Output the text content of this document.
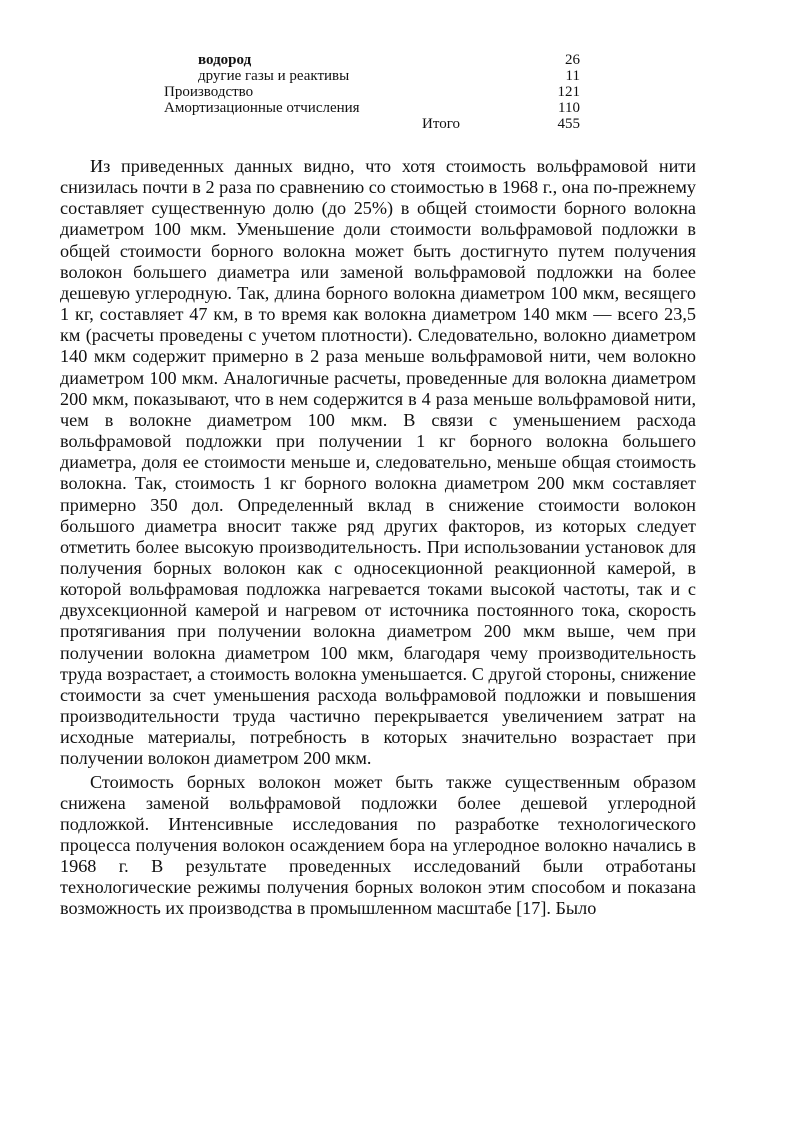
водород	26
другие газы и реактивы	11
Производство	121
Амортизационные отчисления	110
Итого	455

Из приведенных данных видно, что хотя стоимость вольфрамовой нити снизилась почти в 2 раза по сравнению со стоимостью в 1968 г., она по-прежнему составляет существенную долю (до 25%) в общей стоимости борного волокна диаметром 100 мкм. Уменьшение доли стоимости вольфрамовой подложки в общей стоимости борного волокна может быть достигнуто путем получения волокон большего диаметра или заменой вольфрамовой подложки на более дешевую углеродную. Так, длина борного волокна диаметром 100 мкм, весящего 1 кг, составляет 47 км, в то время как волокна диаметром 140 мкм — всего 23,5 км (расчеты проведены с учетом плотности). Следовательно, волокно диаметром 140 мкм содержит примерно в 2 раза меньше вольфрамовой нити, чем волокно диаметром 100 мкм. Аналогичные расчеты, проведенные для волокна диаметром 200 мкм, показывают, что в нем содержится в 4 раза меньше вольфрамовой нити, чем в волокне диаметром 100 мкм. В связи с уменьшением расхода вольфрамовой подложки при получении 1 кг борного волокна большего диаметра, доля ее стоимости меньше и, следовательно, меньше общая стоимость волокна. Так, стоимость 1 кг борного волокна диаметром 200 мкм составляет примерно 350 дол. Определенный вклад в снижение стоимости волокон большого диаметра вносит также ряд других факторов, из которых следует отметить более высокую производительность. При использовании установок для получения борных волокон как с односекционной реакционной камерой, в которой вольфрамовая подложка нагревается токами высокой частоты, так и с двухсекционной камерой и нагревом от источника постоянного тока, скорость протягивания при получении волокна диаметром 200 мкм выше, чем при получении волокна диаметром 100 мкм, благодаря чему производительность труда возрастает, а стоимость волокна уменьшается. С другой стороны, снижение стоимости за счет уменьшения расхода вольфрамовой подложки и повышения производительности труда частично перекрывается увеличением затрат на исходные материалы, потребность в которых значительно возрастает при получении волокон диаметром 200 мкм.

Стоимость борных волокон может быть также существенным образом снижена заменой вольфрамовой подложки более дешевой углеродной подложкой. Интенсивные исследования по разработке технологического процесса получения волокон осаждением бора на углеродное волокно начались в 1968 г. В результате проведенных исследований были отработаны технологические режимы получения борных волокон этим способом и показана возможность их производства в промышленном масштабе [17]. Было
